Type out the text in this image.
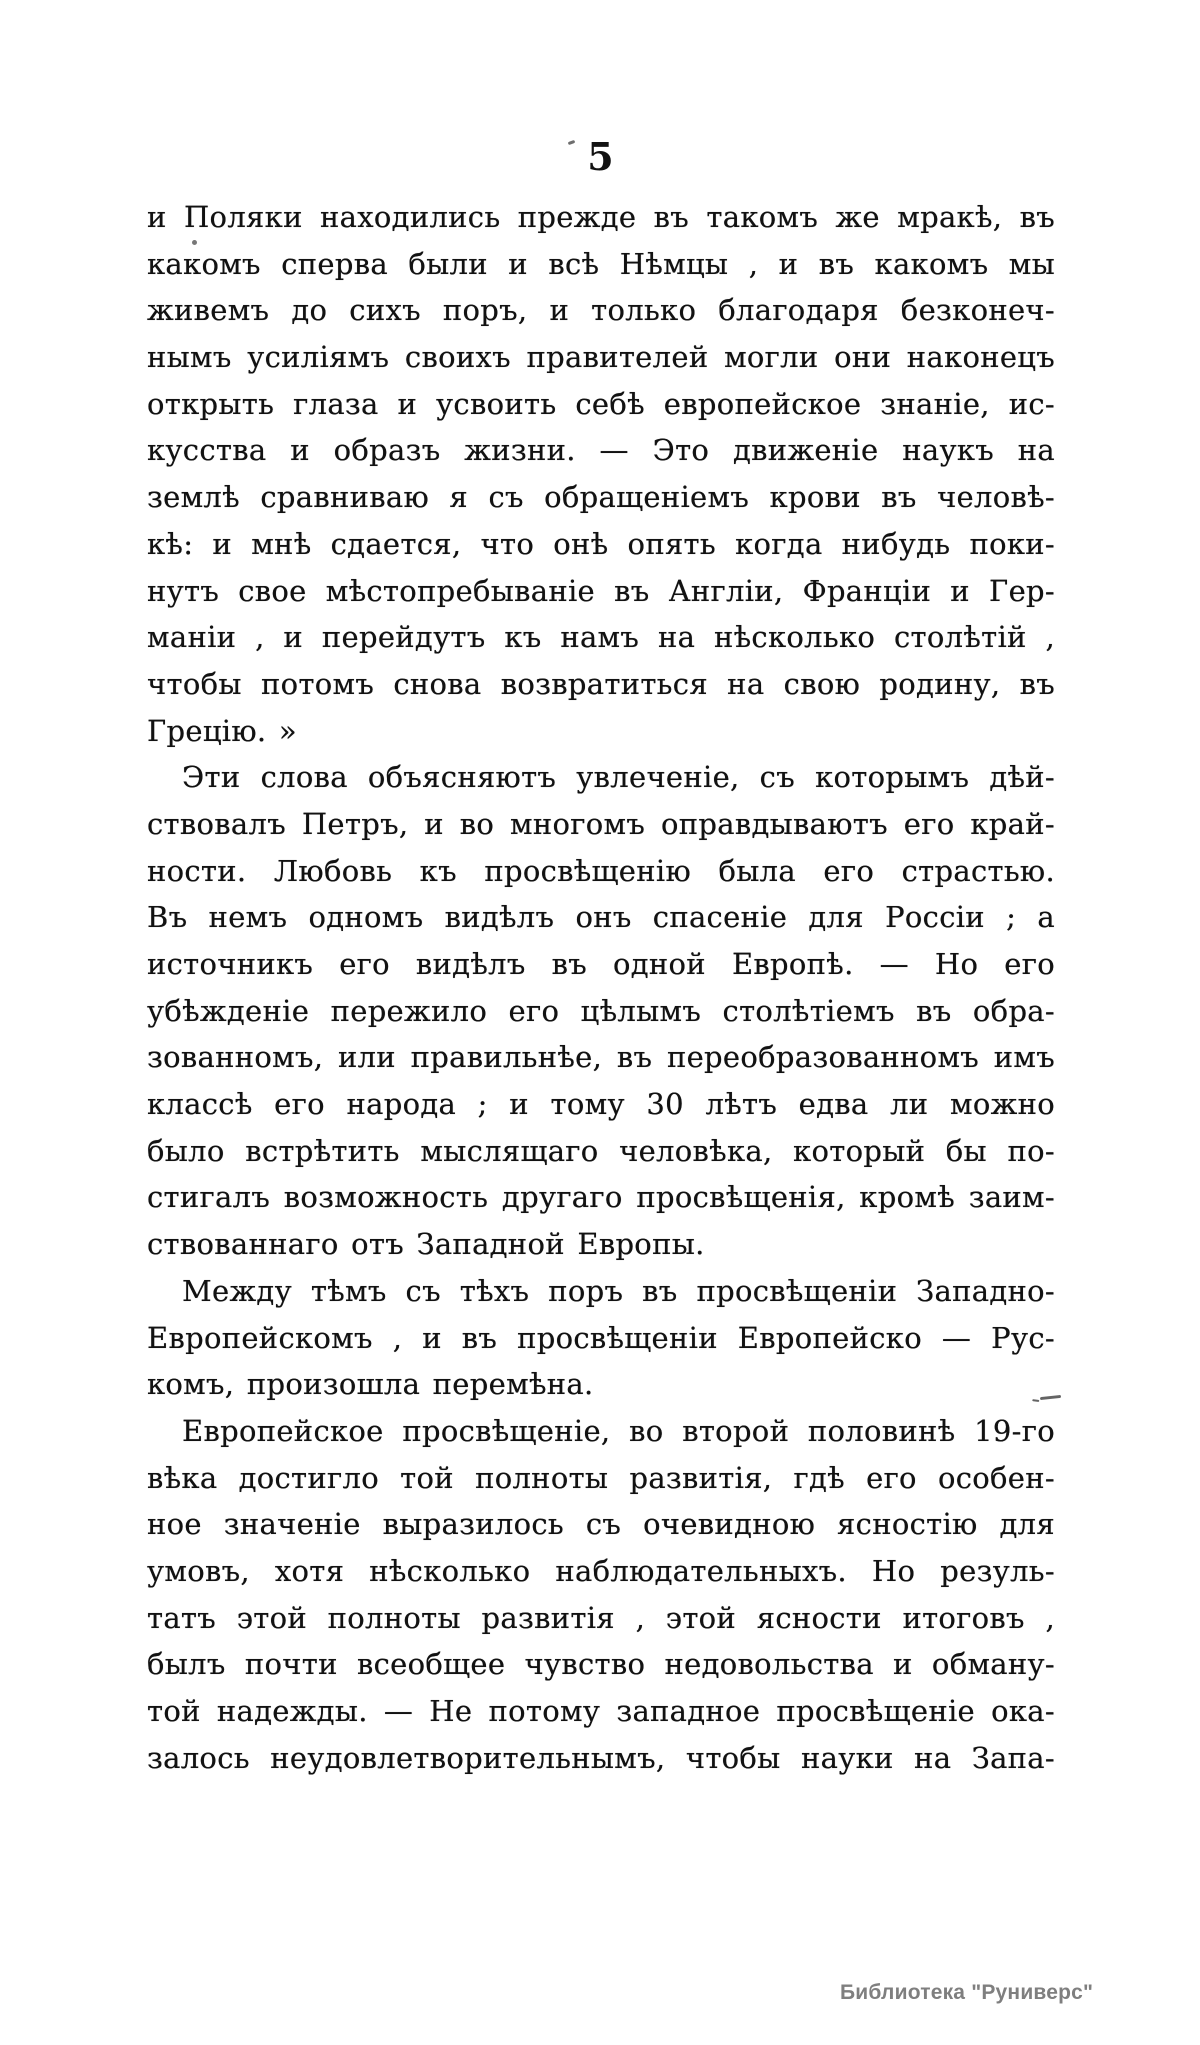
5
и Поляки находились прежде въ такомъ же мракѣ, въ
какомъ сперва были и всѣ Нѣмцы , и въ какомъ мы
живемъ до сихъ поръ, и только благодаря безконеч-
нымъ усиліямъ своихъ правителей могли они наконецъ
открыть глаза и усвоить себѣ европейское знаніе, ис-
кусства и образъ жизни. — Это движеніе наукъ на
землѣ сравниваю я съ обращеніемъ крови въ человѣ-
кѣ: и мнѣ сдается, что онѣ опять когда нибудь поки-
нутъ свое мѣстопребываніе въ Англіи, Франціи и Гер-
маніи , и перейдутъ къ намъ на нѣсколько столѣтій ,
чтобы потомъ снова возвратиться на свою родину, въ
Грецію. »
Эти слова объясняютъ увлеченіе, съ которымъ дѣй-
ствовалъ Петръ, и во многомъ оправдываютъ его край-
ности. Любовь къ просвѣщенію была его страстью.
Въ немъ одномъ видѣлъ онъ спасеніе для Россіи ; а
источникъ его видѣлъ въ одной Европѣ. — Но его
убѣжденіе пережило его цѣлымъ столѣтіемъ въ обра-
зованномъ, или правильнѣе, въ переобразованномъ имъ
классѣ его народа ; и тому 30 лѣтъ едва ли можно
было встрѣтить мыслящаго человѣка, который бы по-
стигалъ возможность другаго просвѣщенія, кромѣ заим-
ствованнаго отъ Западной Европы.
Между тѣмъ съ тѣхъ поръ въ просвѣщеніи Западно-
Европейскомъ , и въ просвѣщеніи Европейско — Рус-
комъ, произошла перемѣна.
Европейское просвѣщеніе, во второй половинѣ 19-го
вѣка достигло той полноты развитія, гдѣ его особен-
ное значеніе выразилось съ очевидною ясностію для
умовъ, хотя нѣсколько наблюдательныхъ. Но резуль-
татъ этой полноты развитія , этой ясности итоговъ ,
былъ почти всеобщее чувство недовольства и обману-
той надежды. — Не потому западное просвѣщеніе ока-
залось неудовлетворительнымъ, чтобы науки на Запа-
Библиотека "Руниверс"
